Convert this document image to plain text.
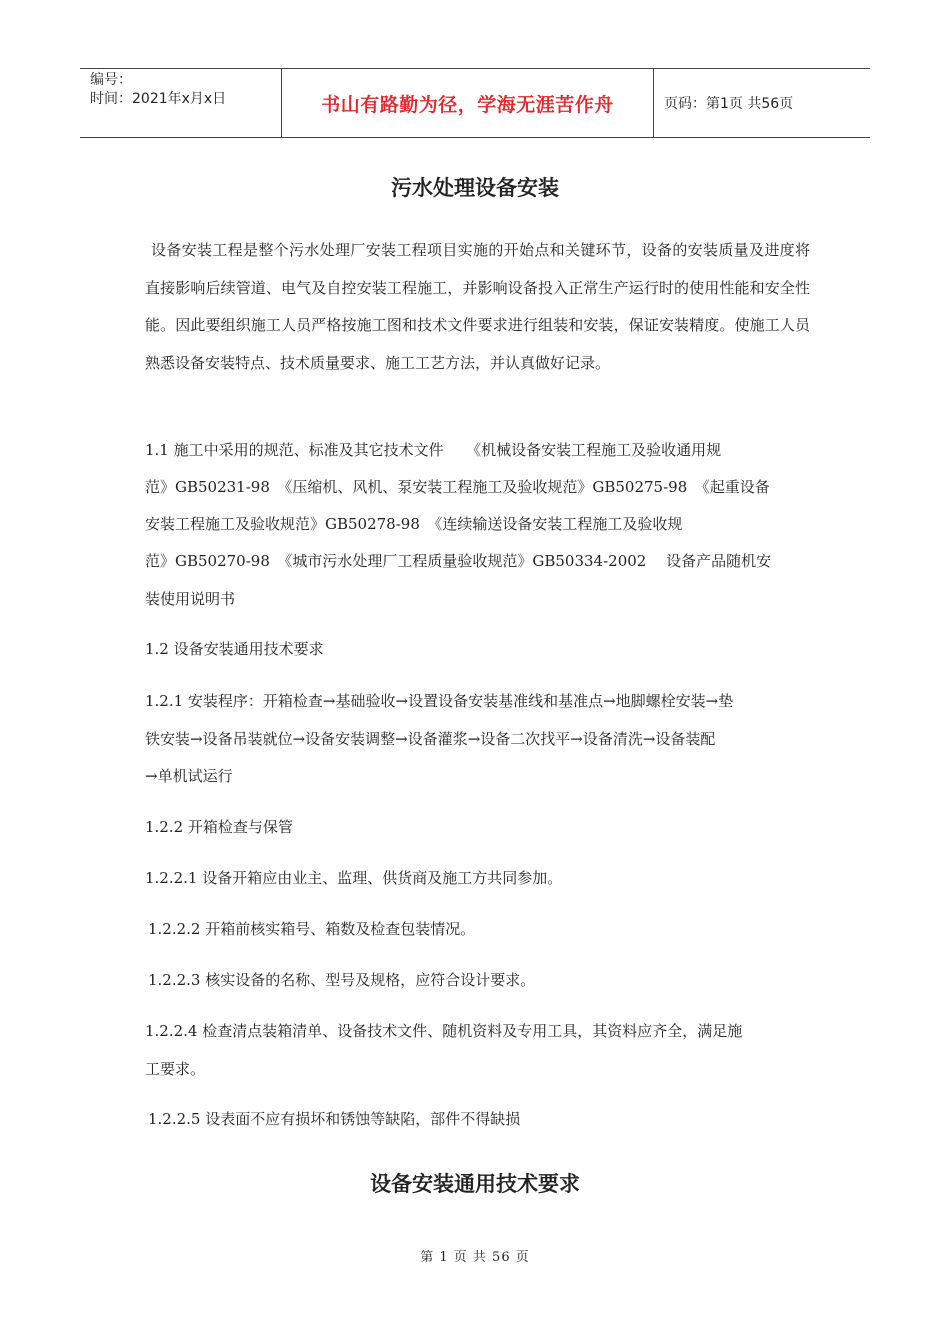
编号：
时间：2021年x月x日	书山有路勤为径，学海无涯苦作舟	页码：第1页 共56页
污水处理设备安装

设备安装工程是整个污水处理厂安装工程项目实施的开始点和关键环节，设备的安装质量及进度将直接影响后续管道、电气及自控安装工程施工，并影响设备投入正常生产运行时的使用性能和安全性能。因此要组织施工人员严格按施工图和技术文件要求进行组装和安装，保证安装精度。使施工人员熟悉设备安装特点、技术质量要求、施工工艺方法，并认真做好记录。

1.1 施工中采用的规范、标准及其它技术文件　　《机械设备安装工程施工及验收通用规
范》GB50231-98　《压缩机、风机、泵安装工程施工及验收规范》GB50275-98　《起重设备
安装工程施工及验收规范》GB50278-98　《连续输送设备安装工程施工及验收规
范》GB50270-98　《城市污水处理厂工程质量验收规范》GB50334-2002　 设备产品随机安
装使用说明书
1.2 设备安装通用技术要求
1.2.1 安装程序：开箱检查→基础验收→设置设备安装基准线和基准点→地脚螺栓安装→垫
铁安装→设备吊装就位→设备安装调整→设备灌浆→设备二次找平→设备清洗→设备装配
→单机试运行
1.2.2 开箱检查与保管
1.2.2.1 设备开箱应由业主、监理、供货商及施工方共同参加。
1.2.2.2 开箱前核实箱号、箱数及检查包装情况。
1.2.2.3 核实设备的名称、型号及规格，应符合设计要求。
1.2.2.4 检查清点装箱清单、设备技术文件、随机资料及专用工具，其资料应齐全，满足施
工要求。
1.2.2.5 设表面不应有损坏和锈蚀等缺陷，部件不得缺损
设备安装通用技术要求
第 1 页 共 56 页
